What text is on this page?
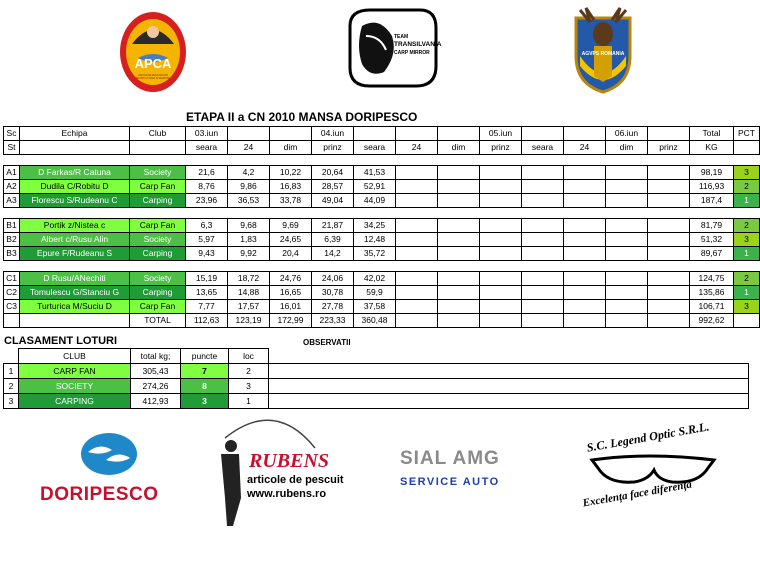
APCA
ASOCIATIA PESCARILOR SPORTIVI CRAP SI AMATORI
TEAM
TRANSILVANIA
CARP MIRROR	AGVPS ROMANIA
ETAPA II a CN 2010 MANSA DORIPESCO
Sc	Echipa	Club	03.iun			04.iun				05.iun			06.iun		Total	PCT
St			seara	24	dim	prinz	seara	24	dim	prinz	seara	24	dim	prinz	KG	

A1	D Farkas/R Catuna	Society	21,6	4,2	10,22	20,64	41,53								98,19	3
A2	Dudila C/Robitu D	Carp Fan	8,76	9,86	16,83	28,57	52,91								116,93	2
A3	Florescu S/Rudeanu C	Carping	23,96	36,53	33,78	49,04	44,09								187,4	1

B1	Portik z/Nistea c	Carp Fan	6,3	9,68	9,69	21,87	34,25								81,79	2
B2	Albert c/Rusu Alin	Society	5,97	1,83	24,65	6,39	12,48								51,32	3
B3	Epure F/Rudeanu S	Carping	9,43	9,92	20,4	14,2	35,72								89,67	1

C1	D Rusu/ANechiti	Society	15,19	18,72	24,76	24,06	42,02								124,75	2
C2	Tomulescu G/Stanciu G	Carping	13,65	14,88	16,65	30,78	59,9								135,86	1
C3	Turturica M/Suciu D	Carp Fan	7,77	17,57	16,01	27,78	37,58								106,71	3
		TOTAL	112,63	123,19	172,99	223,33	360,48								992,62	
CLASAMENT LOTURI	OBSERVATII
	CLUB	total kg;	puncte	loc	
1	CARP FAN	305,43	7	2	
2	SOCIETY	274,26	8	3	
3	CARPING	412,93	3	1	
DORIPESCO
RUBENS
articole de pescuit
www.rubens.ro
SIAL AMG
SERVICE AUTO
S.C. Legend Optic S.R.L.
Excelența face diferența
